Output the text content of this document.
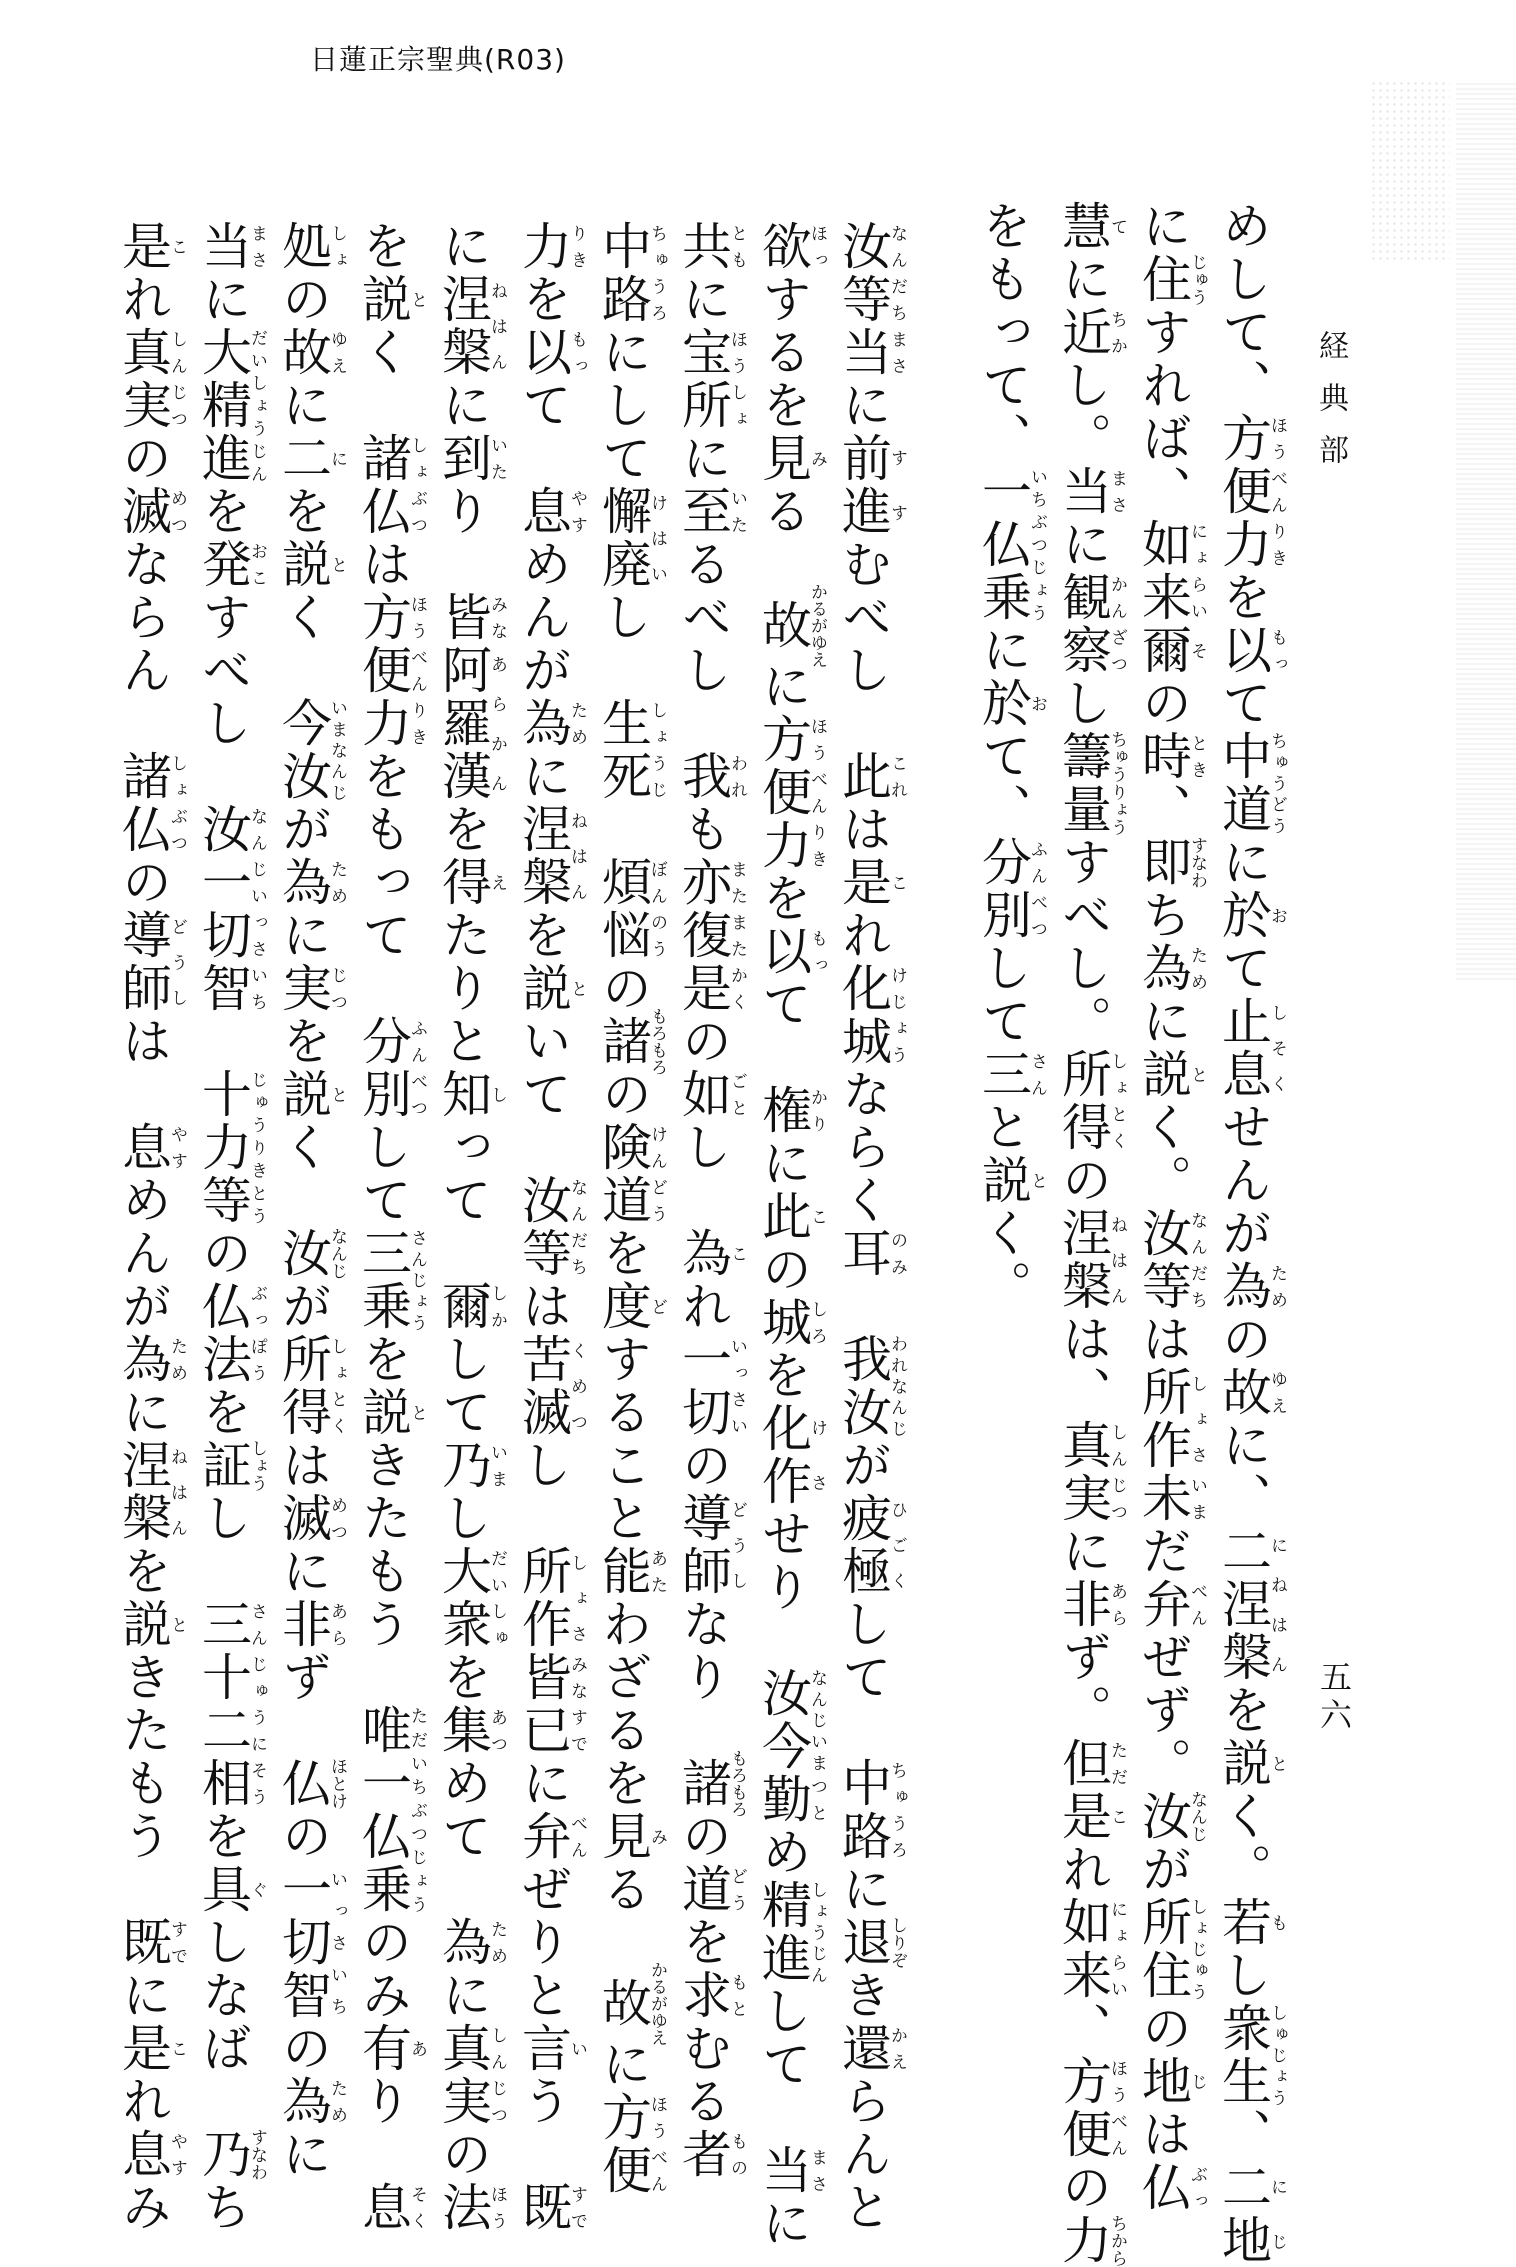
日蓮正宗聖典(R03)
経典部
五六
めして、方便力ほうべんりきを以もって中道ちゅうどうに於おて止息しそくせんが為ための故ゆえに、二涅槃にねはんを説とく。若もし衆生しゅじょう、二地にじ
に住じゅうすれば、如来にょらい爾その時とき、即すなわち為ために説とく。汝等なんだちは所作しょさ未いまだ弁べんぜず。汝なんじが所住しょじゅうの地じは仏ぶっ
慧てに近ちかし。当まさに観察かんざつし籌量ちゅうりょうすべし。所得しょとくの涅槃ねはんは、真実しんじつに非あらず。但ただ是これ如来にょらい、方便ほうべんの力ちから
をもって、一仏乗いちぶつじょうに於おて、分別ふんべつして三さんと説とく。
汝等なんだち当まさに前進すすむべし　此これは是これ化城けじょうならく耳のみ　我汝われなんじが疲極ひごくして　中路ちゅうろに退しりぞき還かえらんと
欲ほっするを見みる　故かるがゆえに方便力ほうべんりきを以もって　権かりに此この城しろを化作けさせり　汝今なんじいま勤つとめ精進しょうじんして　当まさに
共ともに宝所ほうしょに至いたるべし　我われも亦復またまた是かくの如ごとし　為これ一切いっさいの導師どうしなり　諸もろもろの道どうを求もとむる者もの
中路ちゅうろにして懈廃けはいし　生死しょうじ　煩悩ぼんのうの諸もろもろの険道けんどうを度どすること能あたわざるを見みる　故かるがゆえに方便ほうべん
力りきを以もって　息やすめんが為ために涅槃ねはんを説といて　汝等なんだちは苦滅くめつし　所作しょさ皆みな已すでに弁べんぜりと言いう　既すで
に涅槃ねはんに到いたり　皆みな阿羅漢あらかんを得えたりと知しって　爾しかして乃いまし大衆だいしゅを集あつめて　為ために真実しんじつの法ほう
を説とく　諸仏しょぶつは方便力ほうべんりきをもって　分別ふんべつして三乗さんじょうを説ときたもう　唯一仏乗ただいちぶつじょうのみ有あり　息そく
処しょの故ゆえに二にを説とく　今汝いまなんじが為ために実じつを説とく　汝なんじが所得しょとくは滅めつに非あらず　仏ほとけの一切智いっさいちの為ために
当まさに大精進だいしょうじんを発おこすべし　汝一切智なんじいっさいち　十力等じゅうりきとうの仏法ぶっぽうを証しょうし　三十二相さんじゅうにそうを具ぐしなば　乃すなわち
是これ真実しんじつの滅めつならん　諸仏しょぶつの導師どうしは　息やすめんが為ために涅槃ねはんを説ときたもう　既すでに是これ息やすみ
